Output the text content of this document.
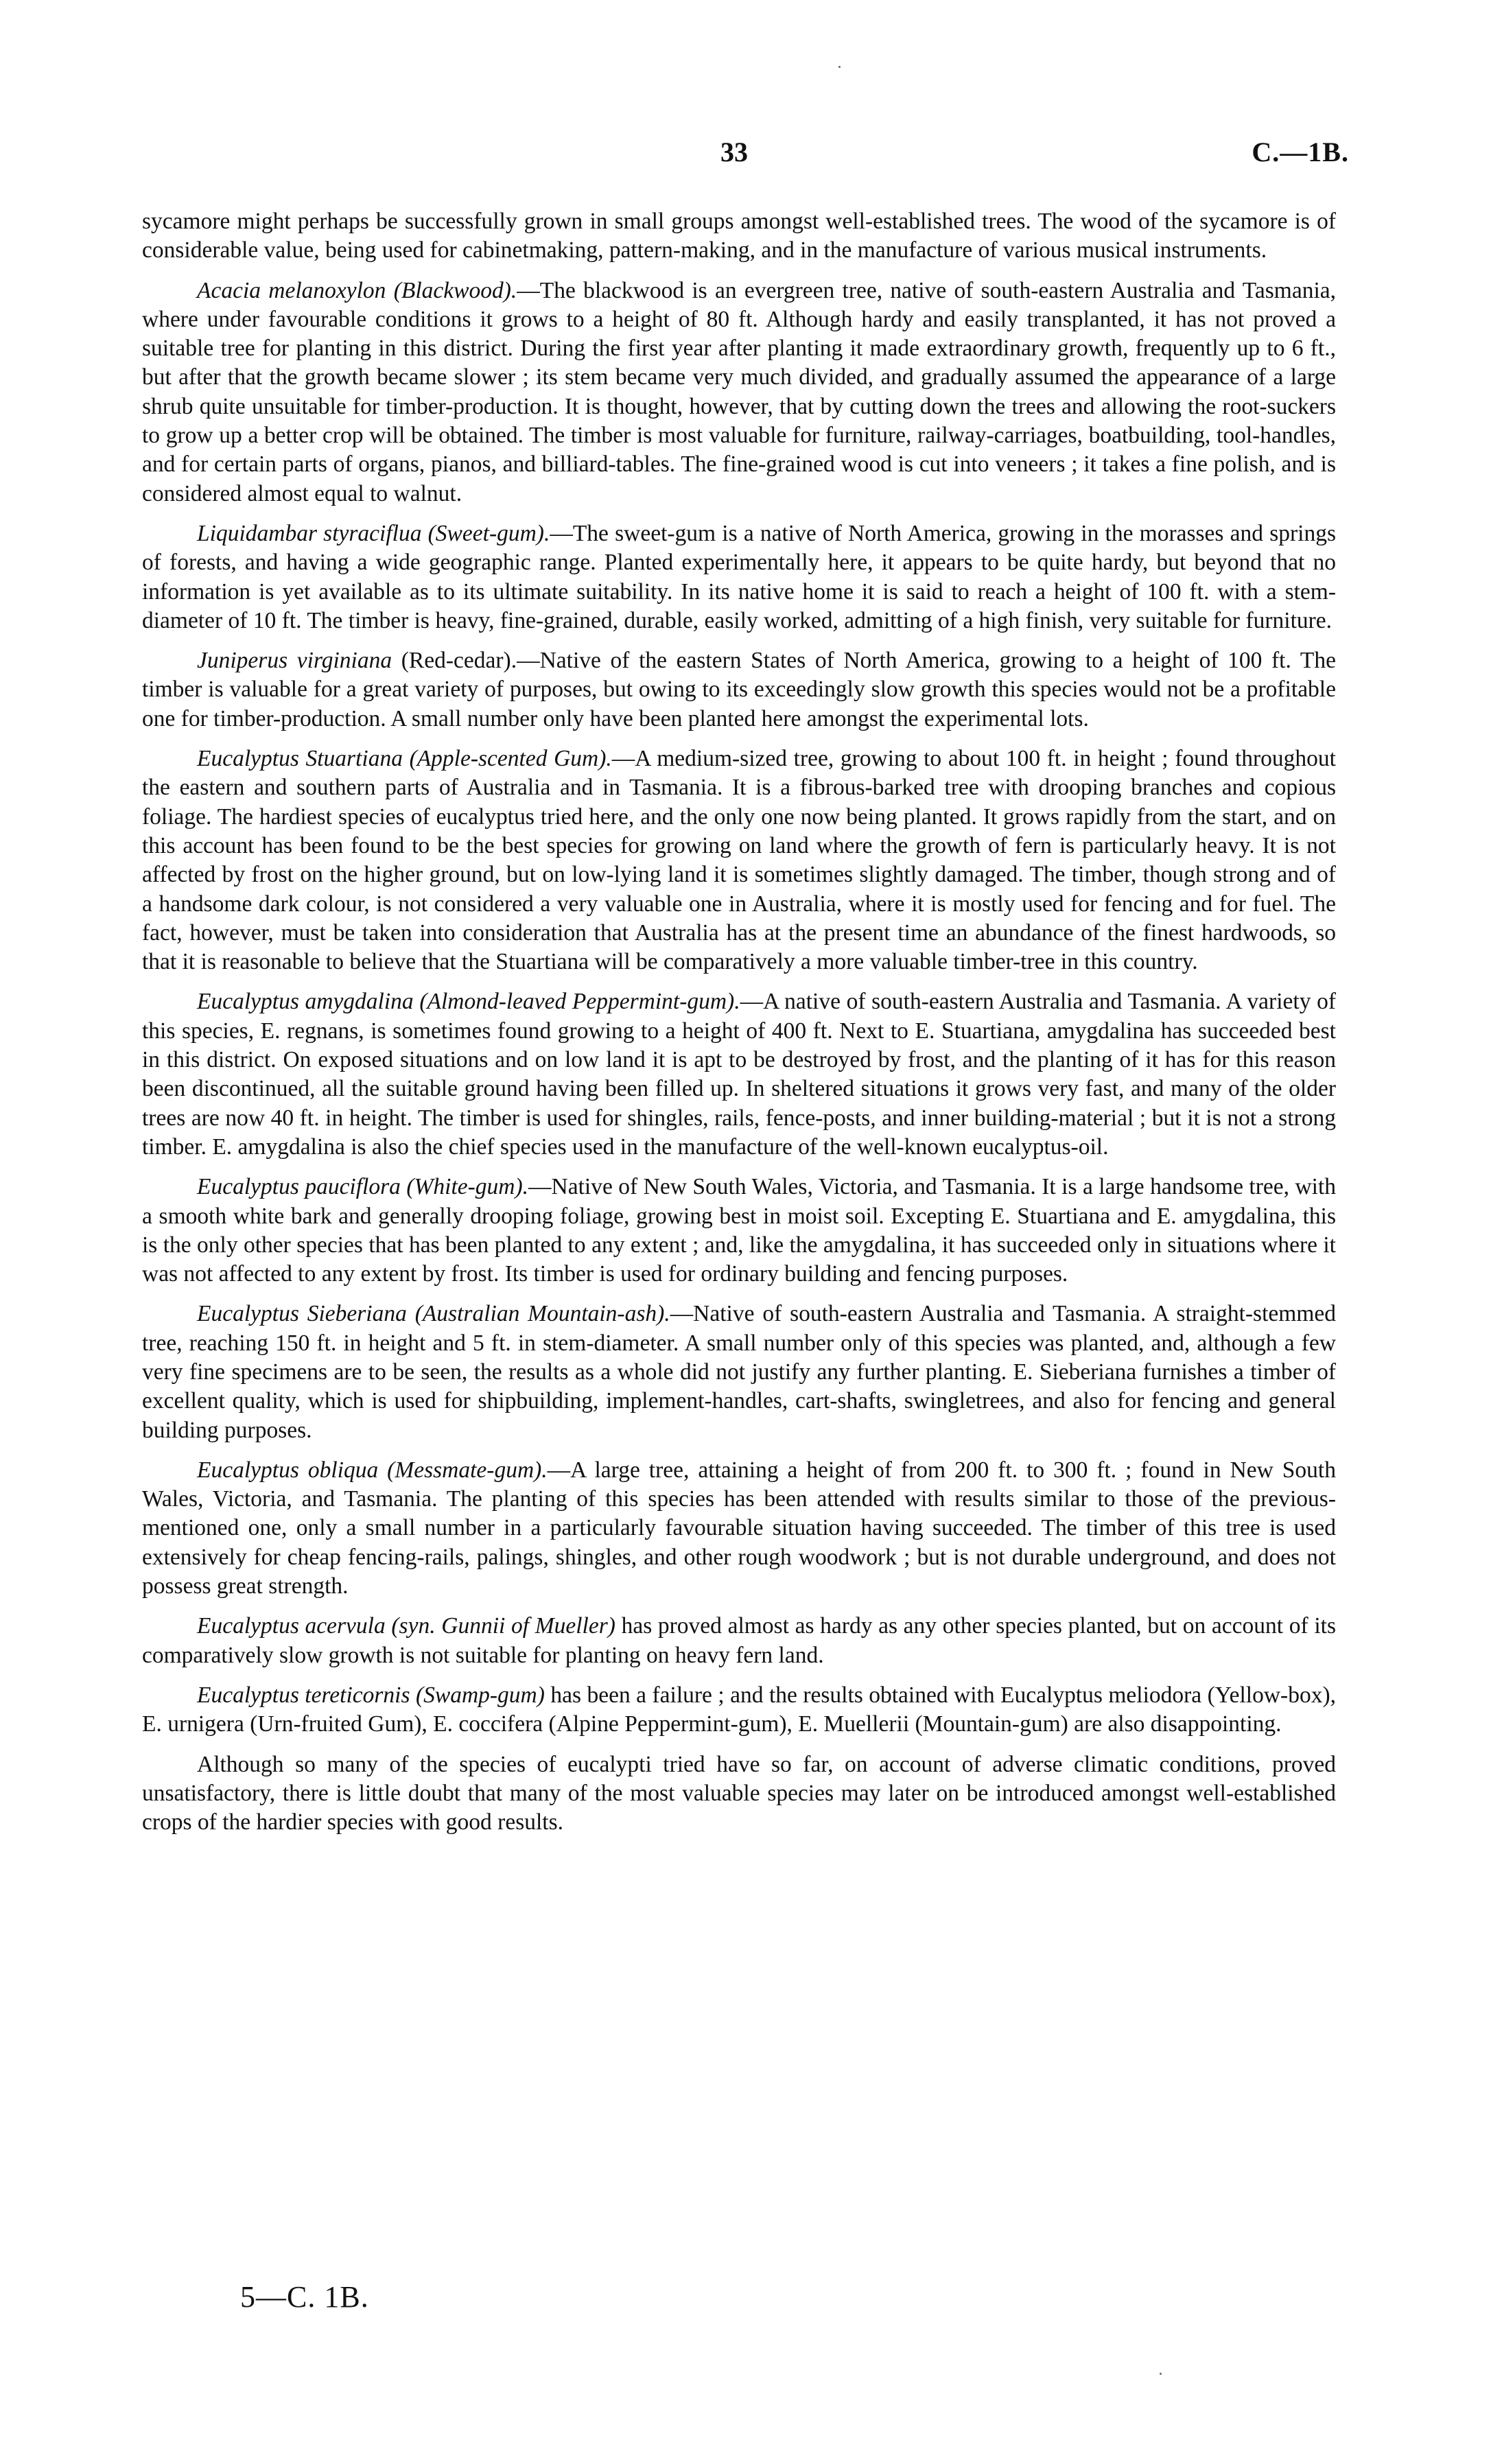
33	C.—1B.

sycamore might perhaps be successfully grown in small groups amongst well-established trees. The wood of the sycamore is of considerable value, being used for cabinetmaking, pattern-making, and in the manufacture of various musical instruments.

Acacia melanoxylon (Blackwood).—The blackwood is an evergreen tree, native of south-eastern Australia and Tasmania, where under favourable conditions it grows to a height of 80 ft. Although hardy and easily transplanted, it has not proved a suitable tree for planting in this district. During the first year after planting it made extraordinary growth, frequently up to 6 ft., but after that the growth became slower ; its stem became very much divided, and gradually assumed the appearance of a large shrub quite unsuitable for timber-production. It is thought, however, that by cutting down the trees and allowing the root-suckers to grow up a better crop will be obtained. The timber is most valuable for furniture, railway-carriages, boatbuilding, tool-handles, and for certain parts of organs, pianos, and billiard-tables. The fine-grained wood is cut into veneers ; it takes a fine polish, and is considered almost equal to walnut.

Liquidambar styraciflua (Sweet-gum).—The sweet-gum is a native of North America, growing in the morasses and springs of forests, and having a wide geographic range. Planted experimentally here, it appears to be quite hardy, but beyond that no information is yet available as to its ultimate suitability. In its native home it is said to reach a height of 100 ft. with a stem-diameter of 10 ft. The timber is heavy, fine-grained, durable, easily worked, admitting of a high finish, very suitable for furniture.

Juniperus virginiana (Red-cedar).—Native of the eastern States of North America, growing to a height of 100 ft. The timber is valuable for a great variety of purposes, but owing to its exceedingly slow growth this species would not be a profitable one for timber-production. A small number only have been planted here amongst the experimental lots.

Eucalyptus Stuartiana (Apple-scented Gum).—A medium-sized tree, growing to about 100 ft. in height ; found throughout the eastern and southern parts of Australia and in Tasmania. It is a fibrous-barked tree with drooping branches and copious foliage. The hardiest species of eucalyptus tried here, and the only one now being planted. It grows rapidly from the start, and on this account has been found to be the best species for growing on land where the growth of fern is particularly heavy. It is not affected by frost on the higher ground, but on low-lying land it is sometimes slightly damaged. The timber, though strong and of a handsome dark colour, is not considered a very valuable one in Australia, where it is mostly used for fencing and for fuel. The fact, however, must be taken into consideration that Australia has at the present time an abundance of the finest hardwoods, so that it is reasonable to believe that the Stuartiana will be comparatively a more valuable timber-tree in this country.

Eucalyptus amygdalina (Almond-leaved Peppermint-gum).—A native of south-eastern Australia and Tasmania. A variety of this species, E. regnans, is sometimes found growing to a height of 400 ft. Next to E. Stuartiana, amygdalina has succeeded best in this district. On exposed situations and on low land it is apt to be destroyed by frost, and the planting of it has for this reason been discontinued, all the suitable ground having been filled up. In sheltered situations it grows very fast, and many of the older trees are now 40 ft. in height. The timber is used for shingles, rails, fence-posts, and inner building-material ; but it is not a strong timber. E. amygdalina is also the chief species used in the manufacture of the well-known eucalyptus-oil.

Eucalyptus pauciflora (White-gum).—Native of New South Wales, Victoria, and Tasmania. It is a large handsome tree, with a smooth white bark and generally drooping foliage, growing best in moist soil. Excepting E. Stuartiana and E. amygdalina, this is the only other species that has been planted to any extent ; and, like the amygdalina, it has succeeded only in situations where it was not affected to any extent by frost. Its timber is used for ordinary building and fencing purposes.

Eucalyptus Sieberiana (Australian Mountain-ash).—Native of south-eastern Australia and Tasmania. A straight-stemmed tree, reaching 150 ft. in height and 5 ft. in stem-diameter. A small number only of this species was planted, and, although a few very fine specimens are to be seen, the results as a whole did not justify any further planting. E. Sieberiana furnishes a timber of excellent quality, which is used for shipbuilding, implement-handles, cart-shafts, swingletrees, and also for fencing and general building purposes.

Eucalyptus obliqua (Messmate-gum).—A large tree, attaining a height of from 200 ft. to 300 ft. ; found in New South Wales, Victoria, and Tasmania. The planting of this species has been attended with results similar to those of the previous-mentioned one, only a small number in a particularly favourable situation having succeeded. The timber of this tree is used extensively for cheap fencing-rails, palings, shingles, and other rough woodwork ; but is not durable underground, and does not possess great strength.

Eucalyptus acervula (syn. Gunnii of Mueller) has proved almost as hardy as any other species planted, but on account of its comparatively slow growth is not suitable for planting on heavy fern land.

Eucalyptus tereticornis (Swamp-gum) has been a failure ; and the results obtained with Eucalyptus meliodora (Yellow-box), E. urnigera (Urn-fruited Gum), E. coccifera (Alpine Peppermint-gum), E. Muellerii (Mountain-gum) are also disappointing.

Although so many of the species of eucalypti tried have so far, on account of adverse climatic conditions, proved unsatisfactory, there is little doubt that many of the most valuable species may later on be introduced amongst well-established crops of the hardier species with good results.

5—C. 1B.
